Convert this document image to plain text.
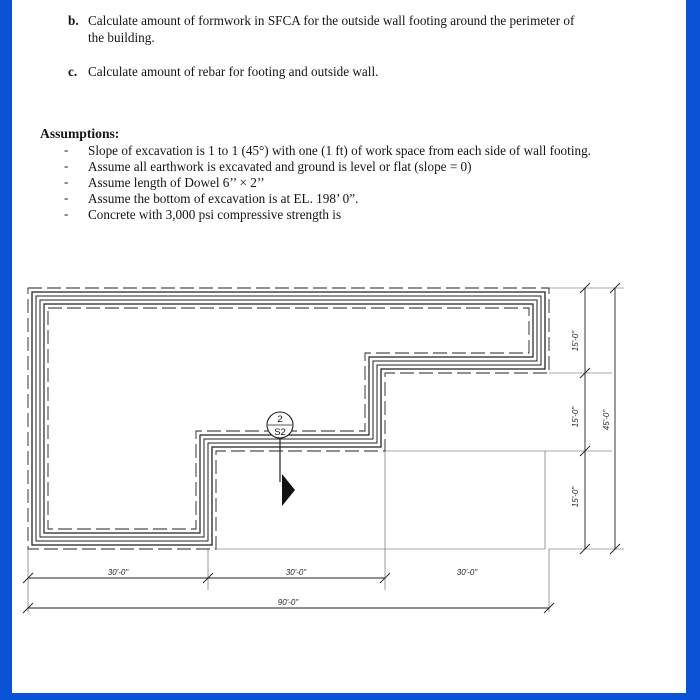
b. Calculate amount of formwork in SFCA for the outside wall footing around the perimeter of
the building.
c. Calculate amount of rebar for footing and outside wall.
Assumptions:
- Slope of excavation is 1 to 1 (45°) with one (1 ft) of work space from each side of wall footing.
- Assume all earthwork is excavated and ground is level or flat (slope = 0)
- Assume length of Dowel 6’’ × 2’’
- Assume the bottom of excavation is at EL. 198’ 0”.
- Concrete with 3,000 psi compressive strength is
2
S2
30'-0"	30'-0"	30'-0"
90'-0"
15'-0"
15'-0"
15'-0"
45'-0"
